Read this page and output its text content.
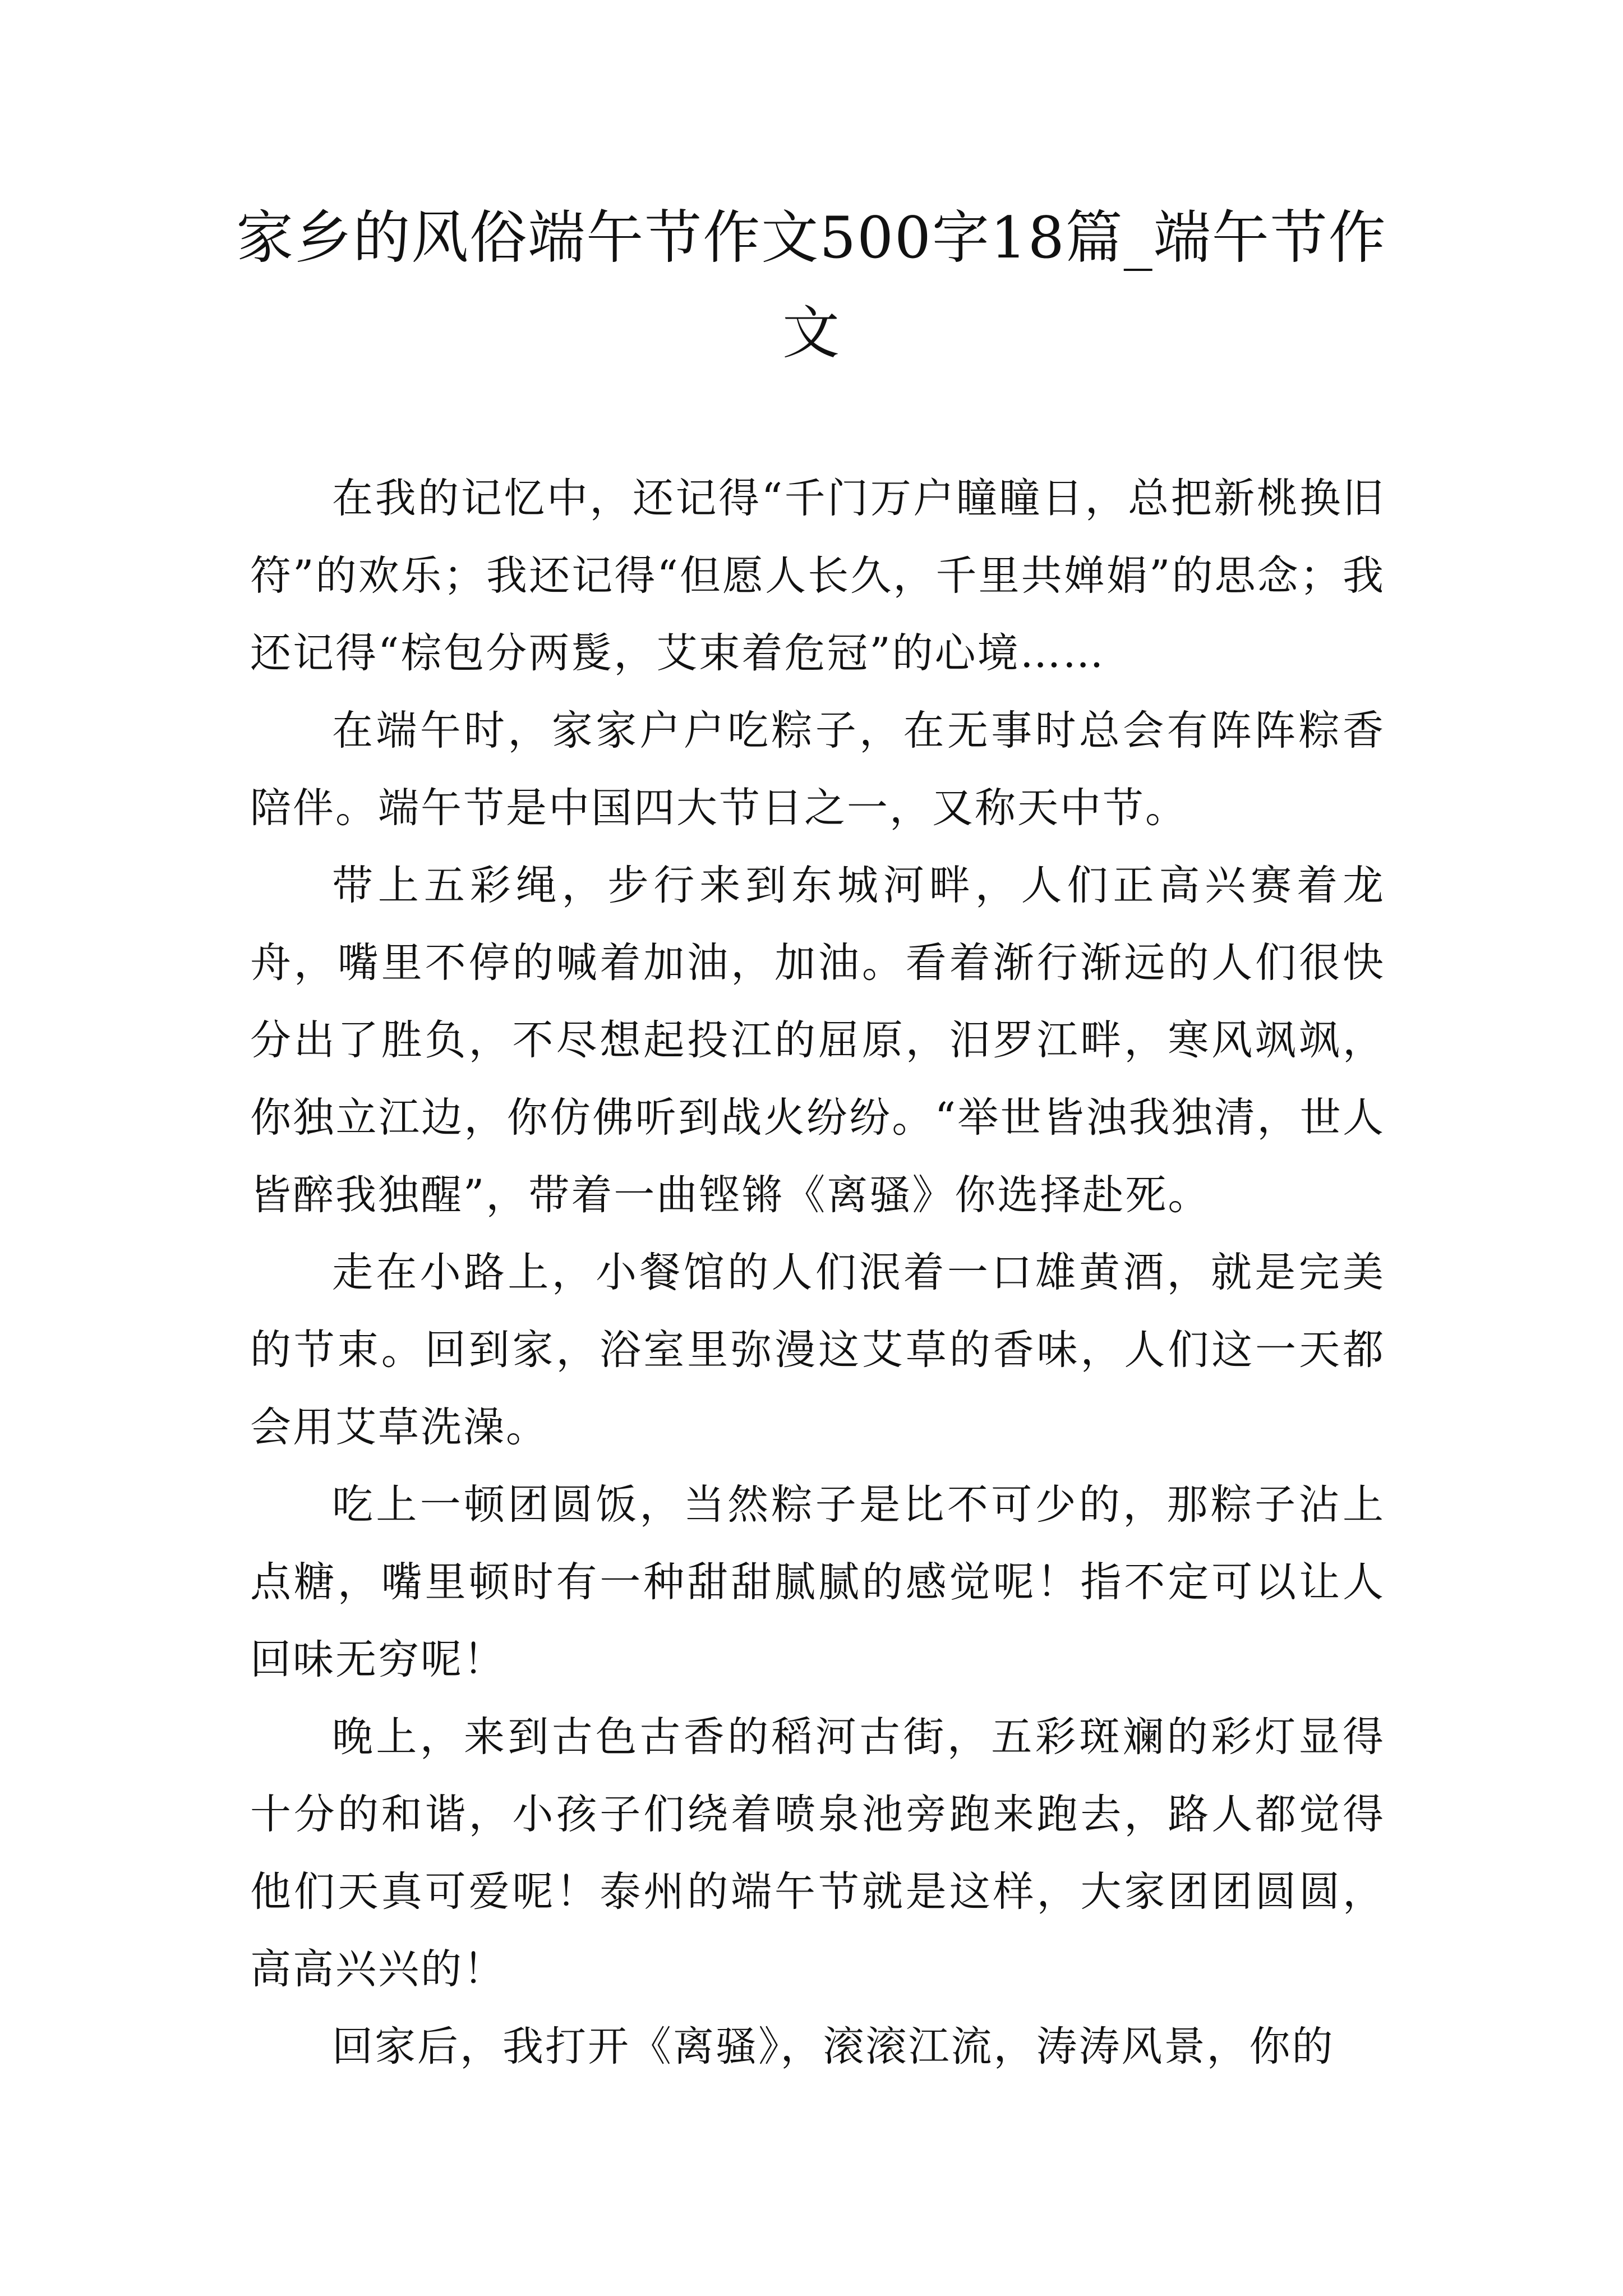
家乡的风俗端午节作文500字18篇_端午节作文

在我的记忆中，还记得“千门万户瞳瞳日，总把新桃换旧符”的欢乐；我还记得“但愿人长久，千里共婵娟”的思念；我还记得“棕包分两髲，艾束着危冠”的心境……

在端午时，家家户户吃粽子，在无事时总会有阵阵粽香陪伴。端午节是中国四大节日之一，又称天中节。

带上五彩绳，步行来到东城河畔，人们正高兴赛着龙舟，嘴里不停的喊着加油，加油。看着渐行渐远的人们很快分出了胜负，不尽想起投江的屈原，汨罗江畔，寒风飒飒，你独立江边，你仿佛听到战火纷纷。“举世皆浊我独清，世人皆醉我独醒”，带着一曲铿锵《离骚》你选择赴死。

走在小路上，小餐馆的人们泯着一口雄黄酒，就是完美的节束。回到家，浴室里弥漫这艾草的香味，人们这一天都会用艾草洗澡。

吃上一顿团圆饭，当然粽子是比不可少的，那粽子沾上点糖，嘴里顿时有一种甜甜腻腻的感觉呢！指不定可以让人回味无穷呢！

晚上，来到古色古香的稻河古街，五彩斑斓的彩灯显得十分的和谐，小孩子们绕着喷泉池旁跑来跑去，路人都觉得他们天真可爱呢！泰州的端午节就是这样，大家团团圆圆，高高兴兴的！

回家后，我打开《离骚》，滚滚江流，涛涛风景，你的
